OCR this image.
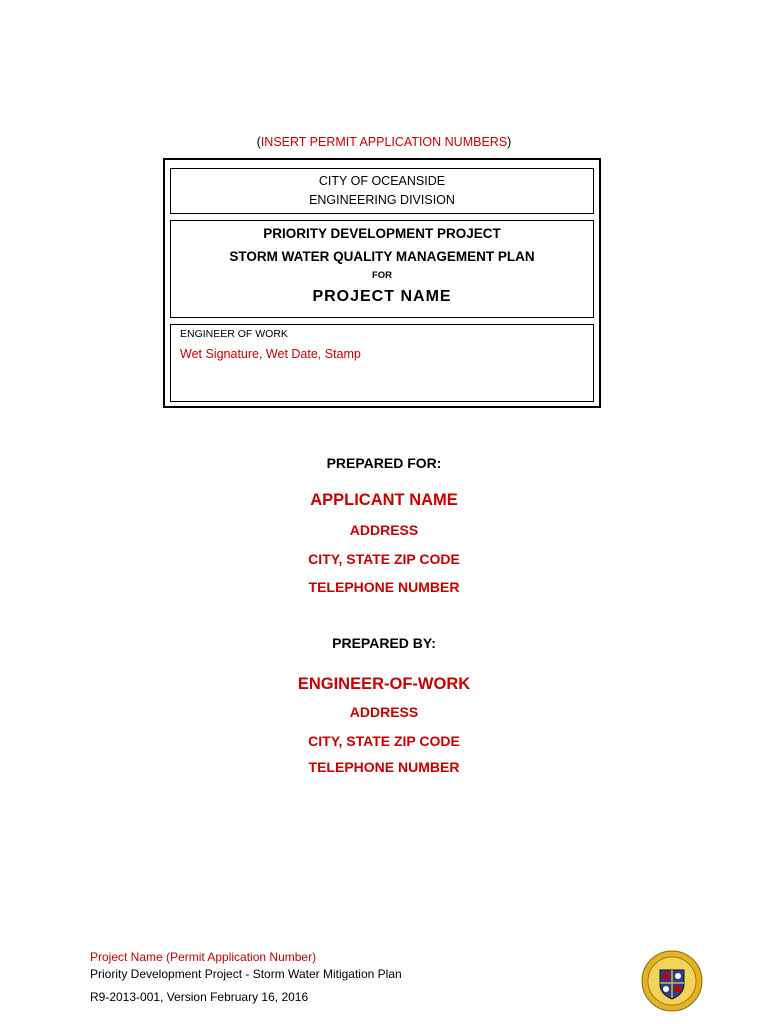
(INSERT PERMIT APPLICATION NUMBERS)
CITY OF OCEANSIDE
ENGINEERING DIVISION
PRIORITY DEVELOPMENT PROJECT
STORM WATER QUALITY MANAGEMENT PLAN
FOR
PROJECT NAME
ENGINEER OF WORK
Wet Signature, Wet Date, Stamp
PREPARED FOR:
APPLICANT NAME
ADDRESS
CITY, STATE ZIP CODE
TELEPHONE NUMBER
PREPARED BY:
ENGINEER-OF-WORK
ADDRESS
CITY, STATE ZIP CODE
TELEPHONE NUMBER
Project Name (Permit Application Number)
Priority Development Project - Storm Water Mitigation Plan
R9-2013-001, Version February 16, 2016
